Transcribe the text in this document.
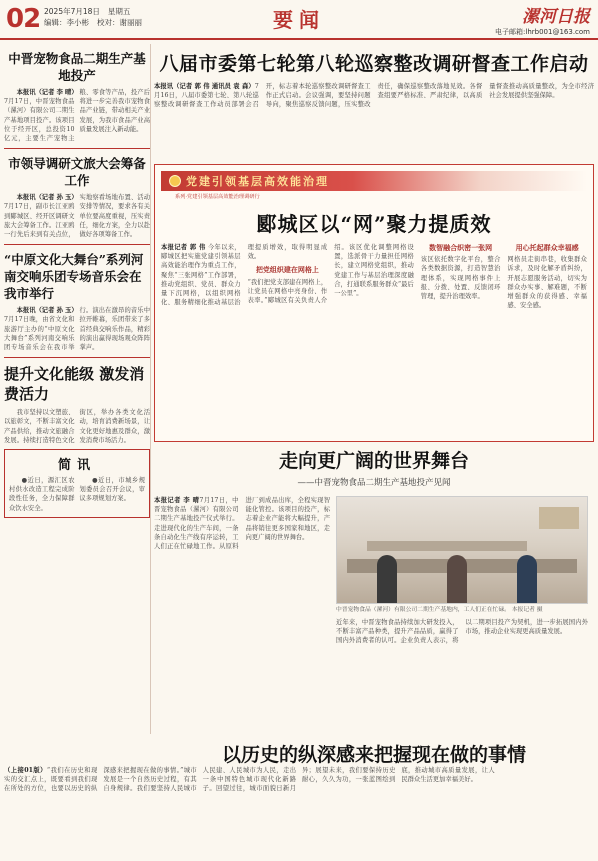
02 2025年7月18日 星期五
编辑：李小彬 校对：谢丽丽	要闻	漯河日报
电子邮箱:lhrb001@163.com
中晋宠物食品二期生产基地投产

本报讯（记者 李 晴）7月17日，中晋宠物食品（漯河）有限公司二期生产基地项目投产。该项目位于经开区，总投资10亿元，主要生产宠物主粮、零食等产品，投产后将进一步完善我市宠物食品产业链，带动相关产业发展，为我市食品产业高质量发展注入新动能。

市领导调研文旅大会筹备工作

本报讯（记者 孙 玉）7月17日，副市长江亚鸥到郾城区、经开区调研文旅大会筹备工作。江亚鸥一行先后来到有关点位，实地察看场地布置、活动安排等情况，要求各有关单位要高度重视，压实责任，细化方案，全力以赴做好各项筹备工作。

“中原文化大舞台”系列河南交响乐团专场音乐会在我市举行

本报讯（记者 孙 玉）7月17日晚，由省文化和旅游厅主办的“中原文化大舞台”系列河南交响乐团专场音乐会在我市举行。演出在激昂的音乐中拉开帷幕，乐团带来了多首经典交响乐作品，精彩的演出赢得现场观众阵阵掌声。

提升文化能级 激发消费活力

我市坚持以文塑旅、以旅彰文，不断丰富文化产品供给，推动文旅融合发展。持续打造特色文化街区，举办各类文化活动，培育消费新场景，让文化更好地惠及群众，激发消费市场活力。

简讯

●近日，源汇区农村供水改造工程完成阶段性任务，全力保障群众饮水安全。

●近日，市城乡规划委员会召开会议，审议多项规划方案。

八届市委第七轮第八轮巡察整改调研督查工作启动
本报讯（记者 郭 伟 通讯员 袁 森）7月16日，八届市委第七轮、第八轮巡察整改调研督查工作动员部署会召开，标志着本轮巡察整改调研督查工作正式启动。会议强调，要坚持问题导向，聚焦巡察反馈问题，压实整改责任，确保巡察整改落地见效。各督查组要严格标准、严肃纪律，以高质量督查推动高质量整改，为全市经济社会发展提供坚强保障。
党建引领基层高效能治理
系列·党建引领基层高效能治理调研行
郾城区以“网”聚力提质效
本报记者 郭 伟 今年以来，郾城区把实施党建引领基层高效能治理作为重点工作，聚焦“三张网格”工作部署，推动党组织、党员、群众力量下沉网格，以组织网格化、服务精细化推动基层治理提质增效，取得明显成效。
把党组织建在网格上
“我们把党支部建在网格上，让党员在网格中亮身份、作表率。”郾城区有关负责人介绍。该区优化调整网格设置，选派骨干力量担任网格长，建立网格党组织，推动党建工作与基层治理深度融合，打通联系服务群众“最后一公里”。
数智融合织密一张网
该区依托数字化平台，整合各类数据资源，打造智慧治理体系，实现网格事件上报、分拨、处置、反馈闭环管理，提升治理效率。
用心托起群众幸福感
网格员走街串巷，收集群众诉求，及时化解矛盾纠纷，开展志愿服务活动，切实为群众办实事、解难题，不断增强群众的获得感、幸福感、安全感。
走向更广阔的世界舞台
——中晋宠物食品二期生产基地投产见闻
本报记者 李 晴7月17日，中晋宠物食品（漯河）有限公司二期生产基地投产仪式举行。走进现代化的生产车间，一条条自动化生产线有序运转，工人们正在忙碌地工作。从原料进厂到成品出库，全程实现智能化管控。该项目的投产，标志着企业产能将大幅提升，产品将销往更多国家和地区，走向更广阔的世界舞台。
中晋宠物食品（漯河）有限公司二期生产基地内，工人们正在忙碌。 本报记者 摄
近年来，中晋宠物食品持续加大研发投入，不断丰富产品种类，提升产品品质，赢得了国内外消费者的认可。企业负责人表示，将以二期项目投产为契机，进一步拓展国内外市场，推动企业实现更高质量发展。
以历史的纵深感来把握现在做的事情
（上接01版）“我们在历史和现实的交汇点上，既要看到我们现在所处的方位，也要以历史的纵深感来把握现在做的事情。”城市发展是一个自然历史过程，有其自身规律。我们要坚持人民城市人民建、人民城市为人民，走出一条中国特色城市现代化新路子。回望过往，城市面貌日新月异；展望未来，我们要保持历史耐心，久久为功，一张蓝图绘到底，推动城市高质量发展，让人民群众生活更加幸福美好。
